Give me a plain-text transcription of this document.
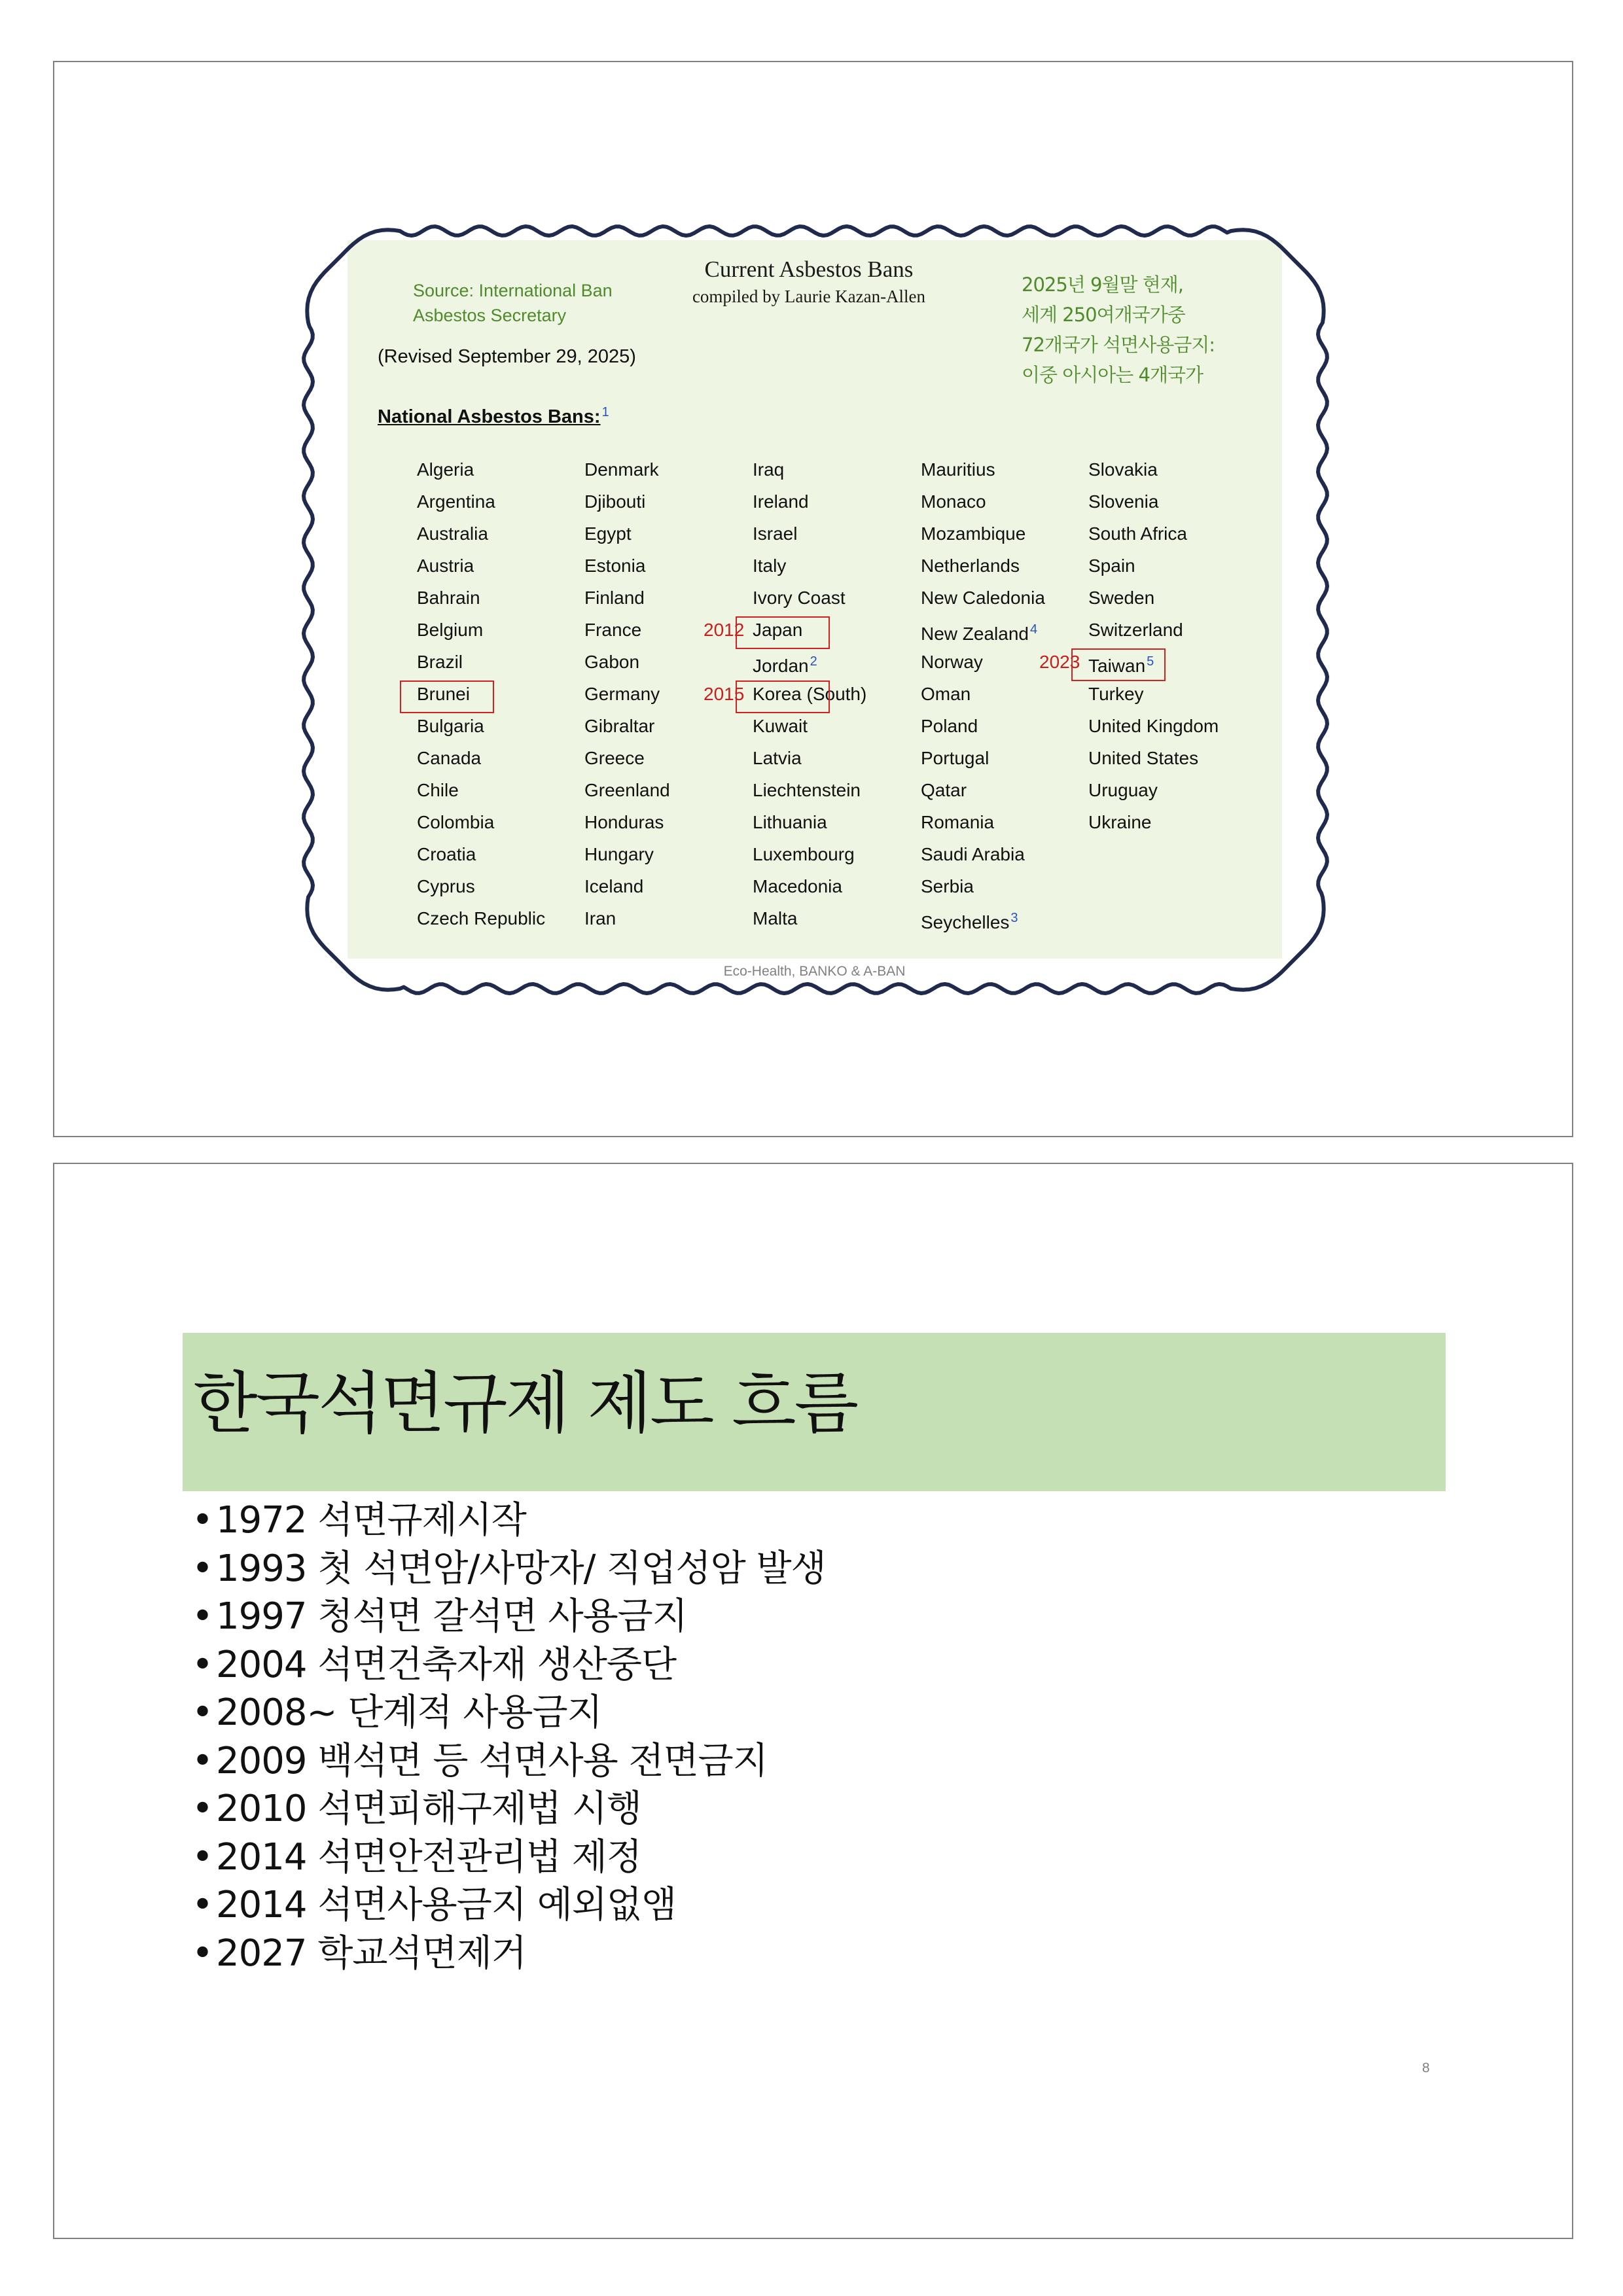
Source: International Ban Asbestos Secretary
Current Asbestos Bans
compiled by Laurie Kazan-Allen
2025년 9월말 현재,
세계 250여개국가중
72개국가 석면사용금지:
이중 아시아는 4개국가
(Revised September 29, 2025)
National Asbestos Bans: $^1$
Algeria
Argentina
Australia
Austria
Bahrain
Belgium
Brazil
Brunei
Bulgaria
Canada
Chile
Colombia
Croatia
Cyprus
Czech Republic
Denmark
Djibouti
Egypt
Estonia
Finland
France
Gabon
Germany
Gibraltar
Greece
Greenland
Honduras
Hungary
Iceland
Iran
Iraq
Ireland
Israel
Italy
Ivory Coast
Japan
2012
Jordan $^2$
Korea (South)
2015
Kuwait
Latvia
Liechtenstein
Lithuania
Luxembourg
Macedonia
Malta
Mauritius
Monaco
Mozambique
Netherlands
New Caledonia
New Zealand $^4$
Norway
Oman
Poland
Portugal
Qatar
Romania
Saudi Arabia
Serbia
Seychelles $^3$
Slovakia
Slovenia
South Africa
Spain
Sweden
Switzerland
Taiwan $^5$
2023
Turkey
United Kingdom
United States
Uruguay
Ukraine
Eco-Health, BANKO & A-BAN
한국석면규제 제도 흐름
• 1972 석면규제시작
• 1993 첫 석면암/사망자/ 직업성암 발생
• 1997 청석면 갈석면 사용금지
• 2004 석면건축자재 생산중단
• 2008~ 단계적 사용금지
• 2009 백석면 등 석면사용 전면금지
• 2010 석면피해구제법 시행
• 2014 석면안전관리법 제정
• 2014 석면사용금지 예외없앰
• 2027 학교석면제거
8
